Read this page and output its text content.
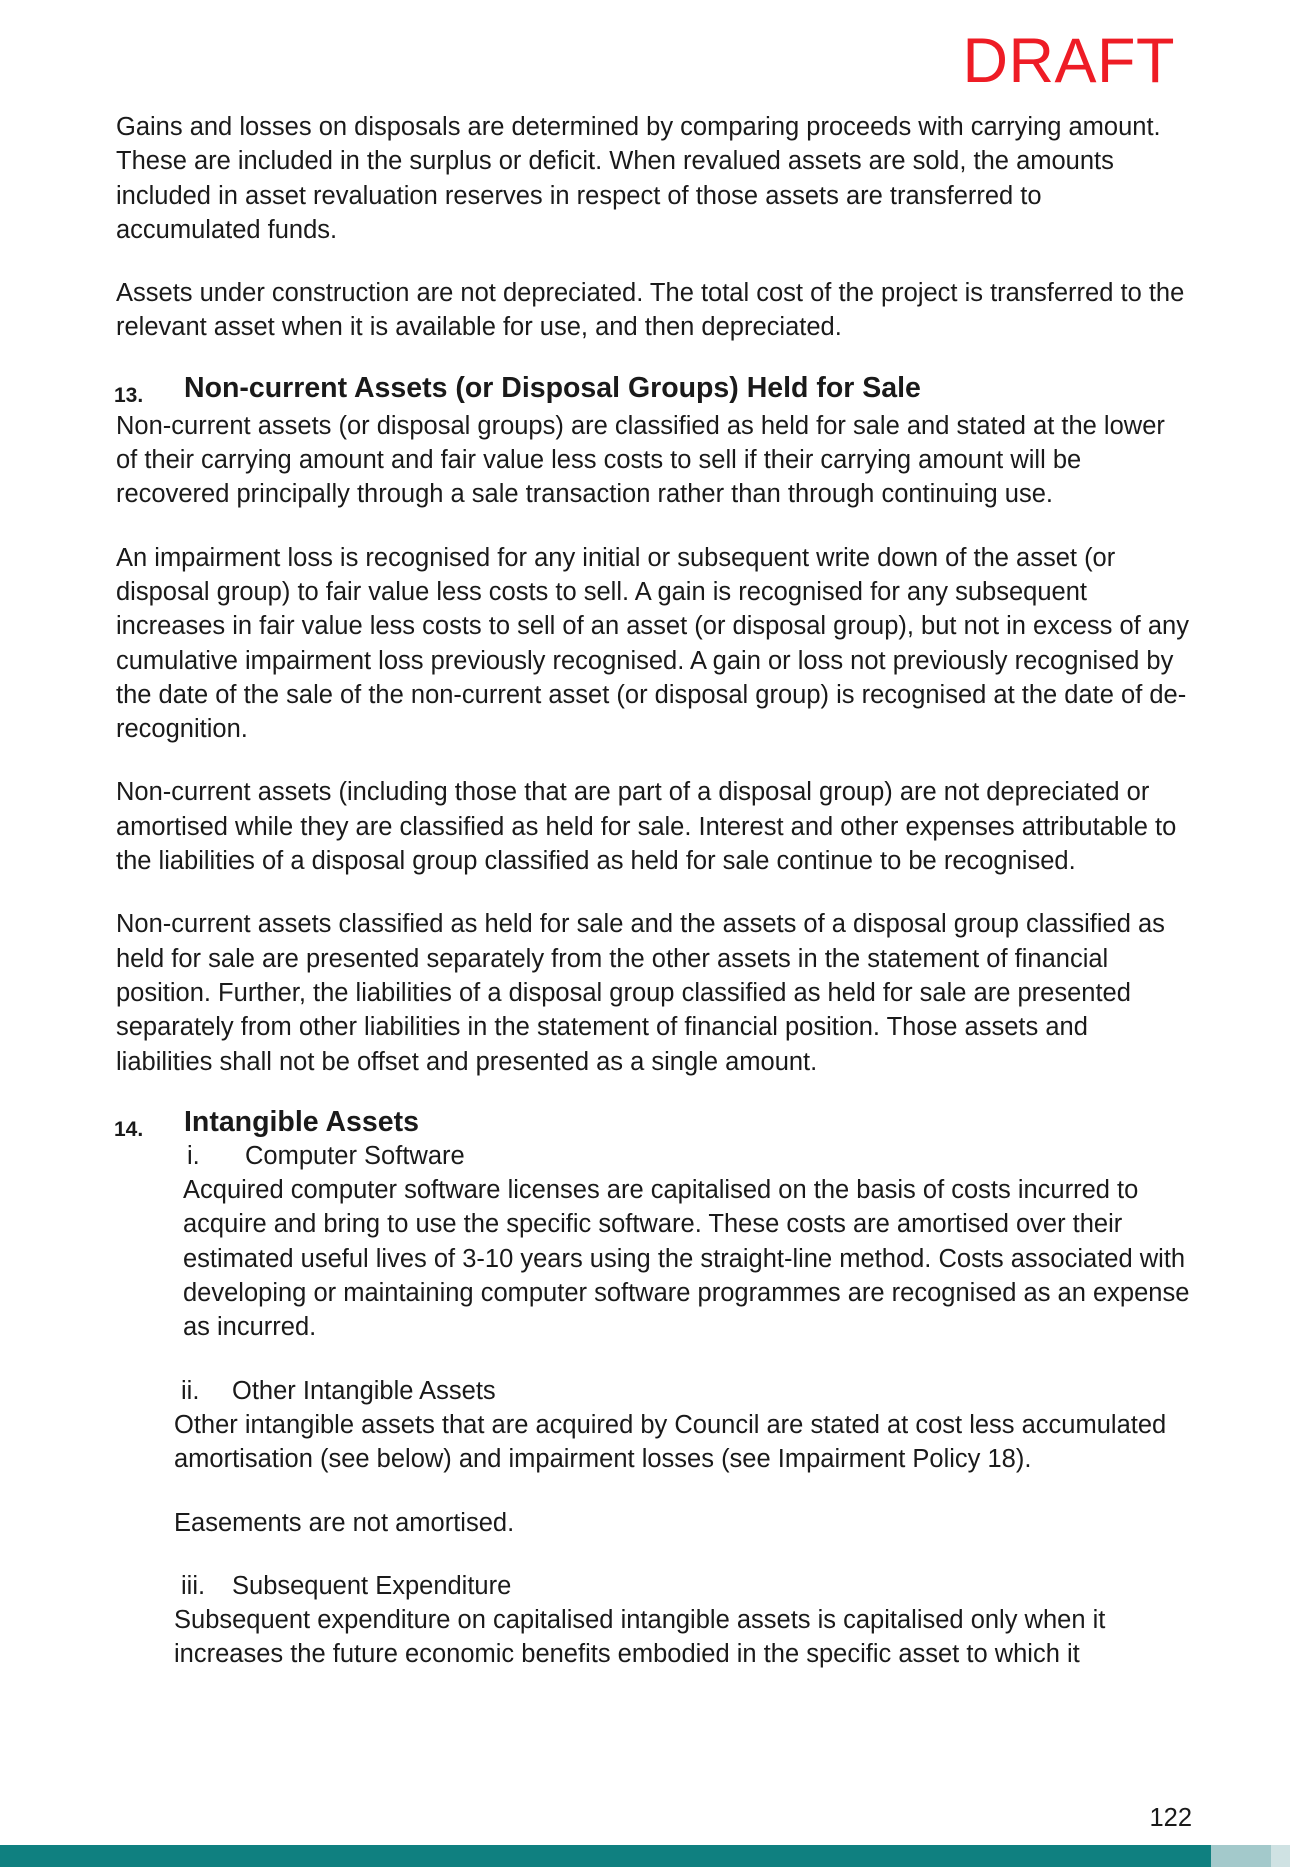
DRAFT

Gains and losses on disposals are determined by comparing proceeds with carrying amount. These are included in the surplus or deficit. When revalued assets are sold, the amounts included in asset revaluation reserves in respect of those assets are transferred to accumulated funds.

Assets under construction are not depreciated. The total cost of the project is transferred to the relevant asset when it is available for use, and then depreciated.

13. Non-current Assets (or Disposal Groups) Held for Sale

Non-current assets (or disposal groups) are classified as held for sale and stated at the lower of their carrying amount and fair value less costs to sell if their carrying amount will be recovered principally through a sale transaction rather than through continuing use.

An impairment loss is recognised for any initial or subsequent write down of the asset (or disposal group) to fair value less costs to sell. A gain is recognised for any subsequent increases in fair value less costs to sell of an asset (or disposal group), but not in excess of any cumulative impairment loss previously recognised. A gain or loss not previously recognised by the date of the sale of the non-current asset (or disposal group) is recognised at the date of de-recognition.

Non-current assets (including those that are part of a disposal group) are not depreciated or amortised while they are classified as held for sale. Interest and other expenses attributable to the liabilities of a disposal group classified as held for sale continue to be recognised.

Non-current assets classified as held for sale and the assets of a disposal group classified as held for sale are presented separately from the other assets in the statement of financial position. Further, the liabilities of a disposal group classified as held for sale are presented separately from other liabilities in the statement of financial position. Those assets and liabilities shall not be offset and presented as a single amount.

14. Intangible Assets
i. Computer Software

Acquired computer software licenses are capitalised on the basis of costs incurred to acquire and bring to use the specific software. These costs are amortised over their estimated useful lives of 3-10 years using the straight-line method. Costs associated with developing or maintaining computer software programmes are recognised as an expense as incurred.

ii. Other Intangible Assets

Other intangible assets that are acquired by Council are stated at cost less accumulated amortisation (see below) and impairment losses (see Impairment Policy 18).

Easements are not amortised.

iii. Subsequent Expenditure

Subsequent expenditure on capitalised intangible assets is capitalised only when it increases the future economic benefits embodied in the specific asset to which it

122
